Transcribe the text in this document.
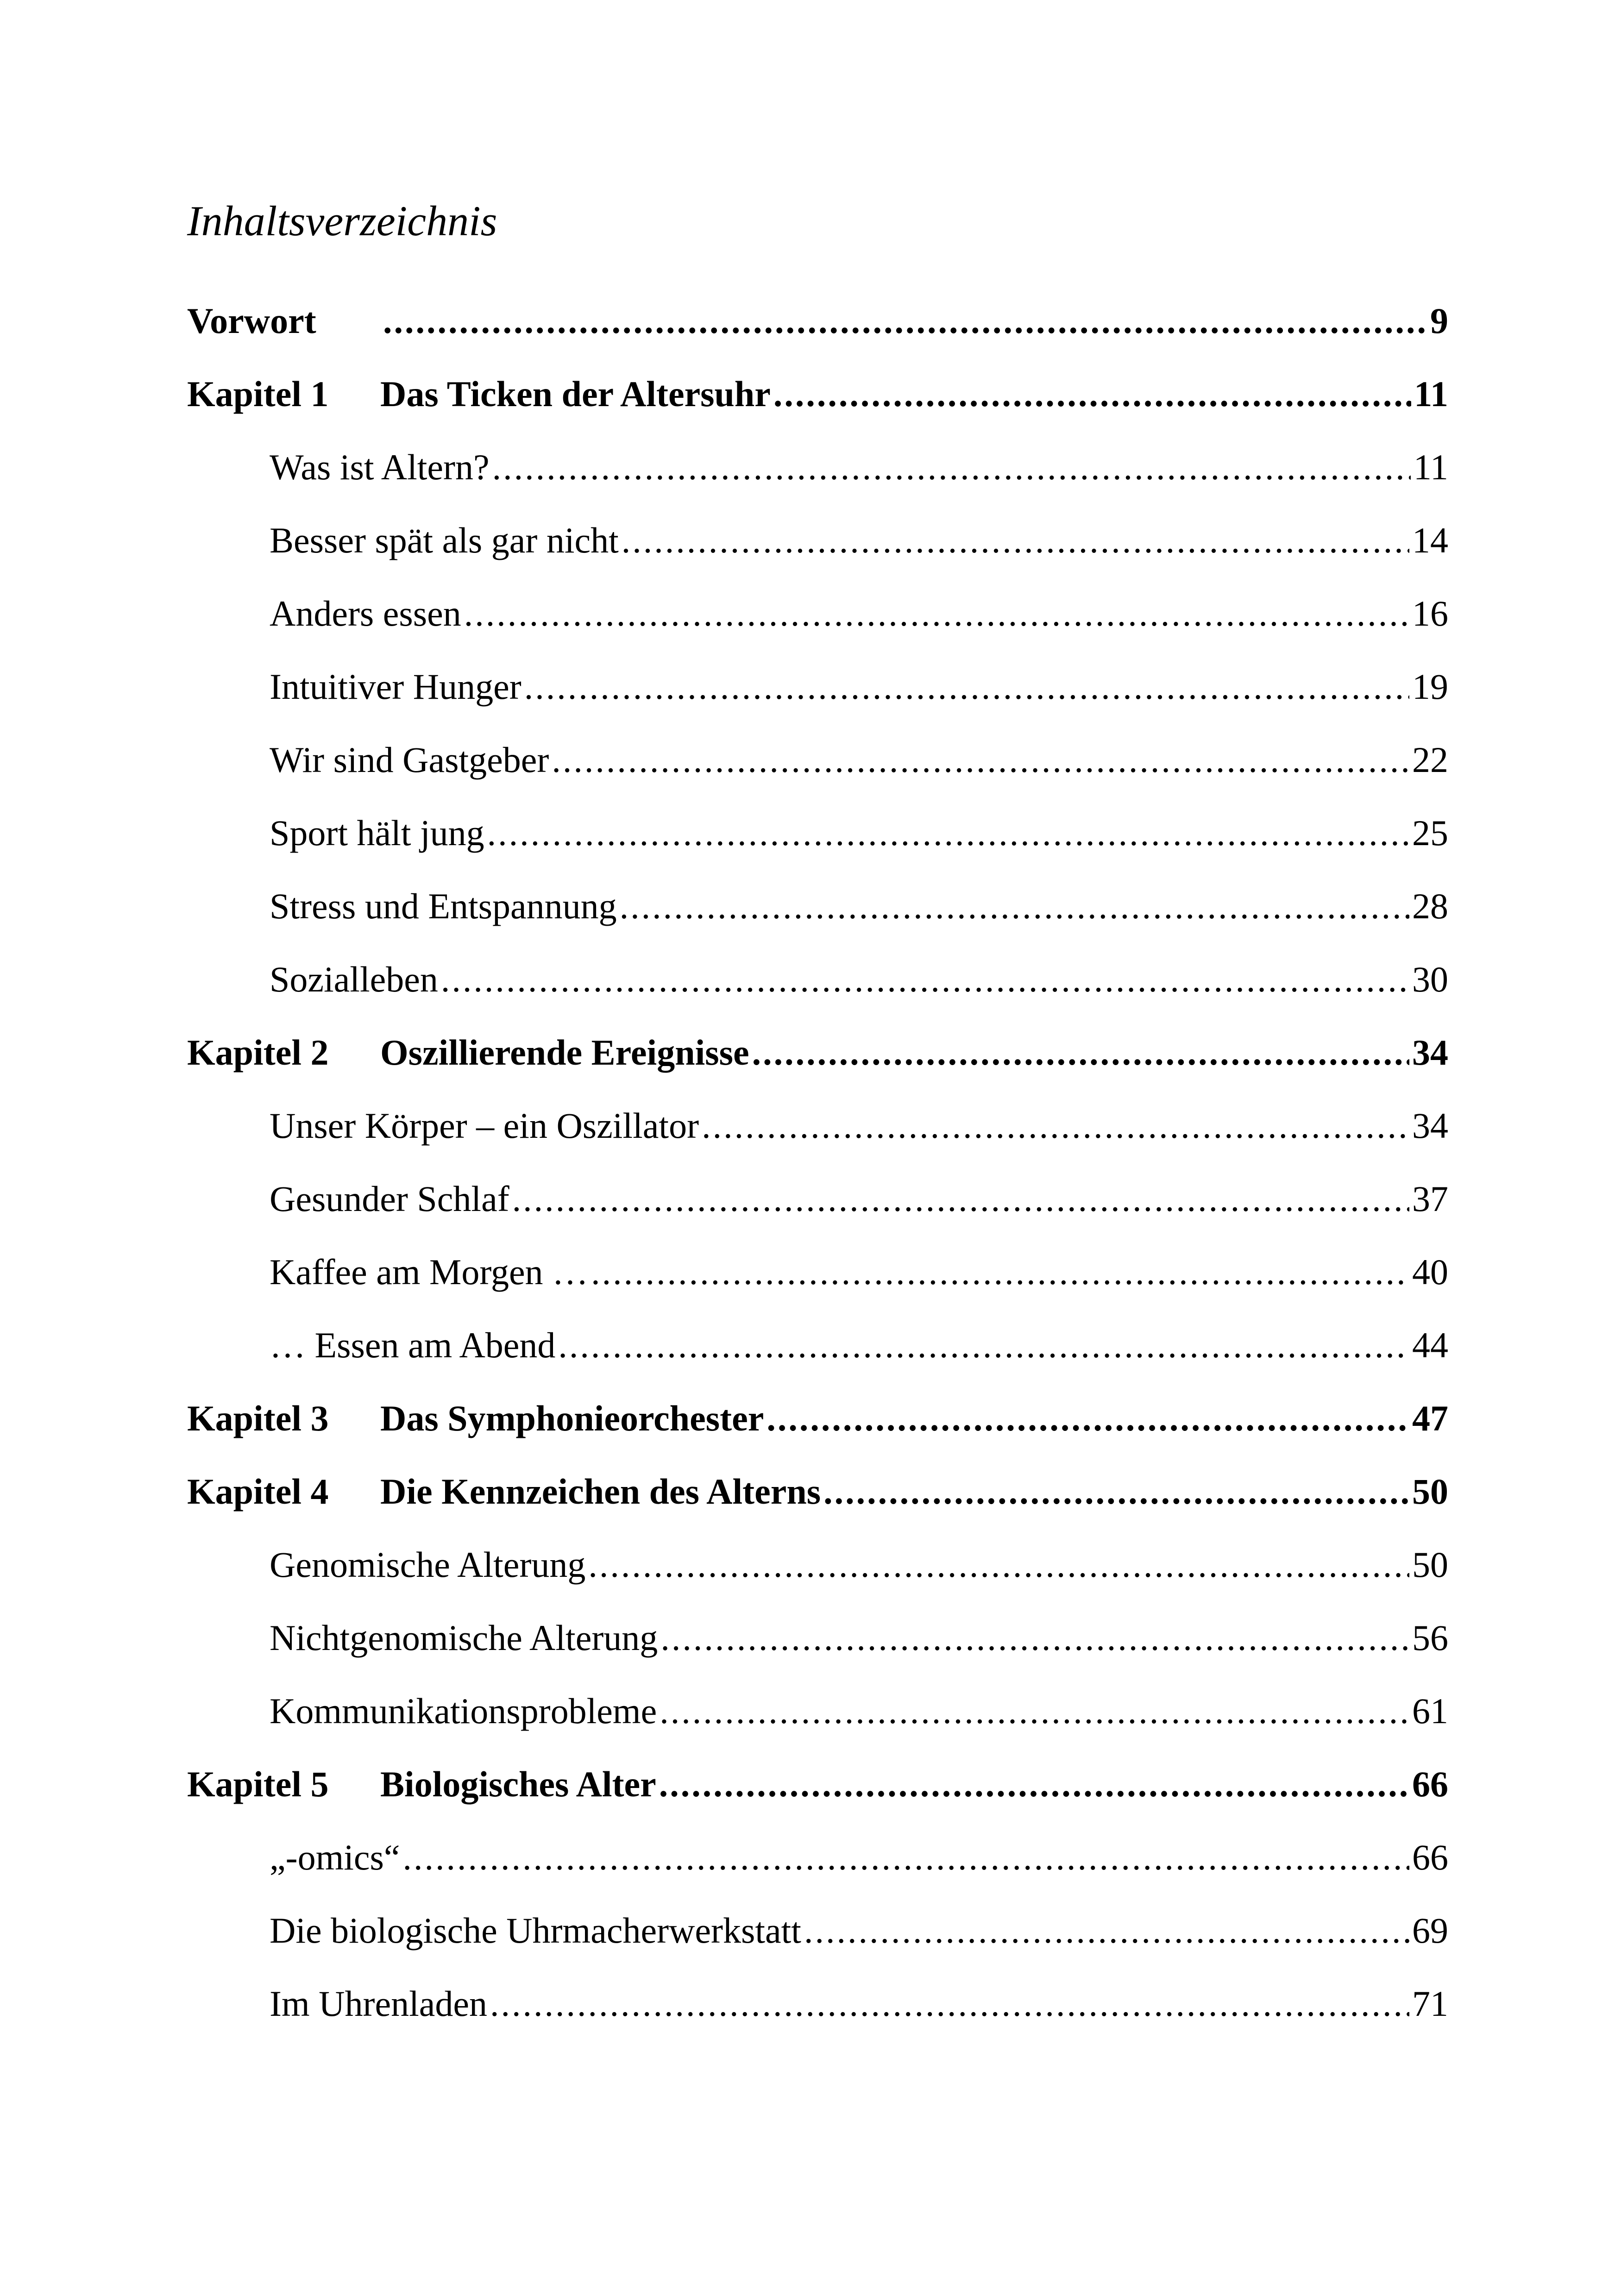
Inhaltsverzeichnis
Vorwort .....	9
Kapitel 1	Das Ticken der Altersuhr .....	11
Was ist Altern? .....	11
Besser spät als gar nicht .....	14
Anders essen .....	16
Intuitiver Hunger .....	19
Wir sind Gastgeber .....	22
Sport hält jung .....	25
Stress und Entspannung .....	28
Sozialleben .....	30
Kapitel 2	Oszillierende Ereignisse .....	34
Unser Körper – ein Oszillator .....	34
Gesunder Schlaf .....	37
Kaffee am Morgen … .....	40
… Essen am Abend .....	44
Kapitel 3	Das Symphonieorchester .....	47
Kapitel 4	Die Kennzeichen des Alterns .....	50
Genomische Alterung .....	50
Nichtgenomische Alterung .....	56
Kommunikationsprobleme .....	61
Kapitel 5	Biologisches Alter .....	66
„-omics“ .....	66
Die biologische Uhrmacherwerkstatt .....	69
Im Uhrenladen .....	71
